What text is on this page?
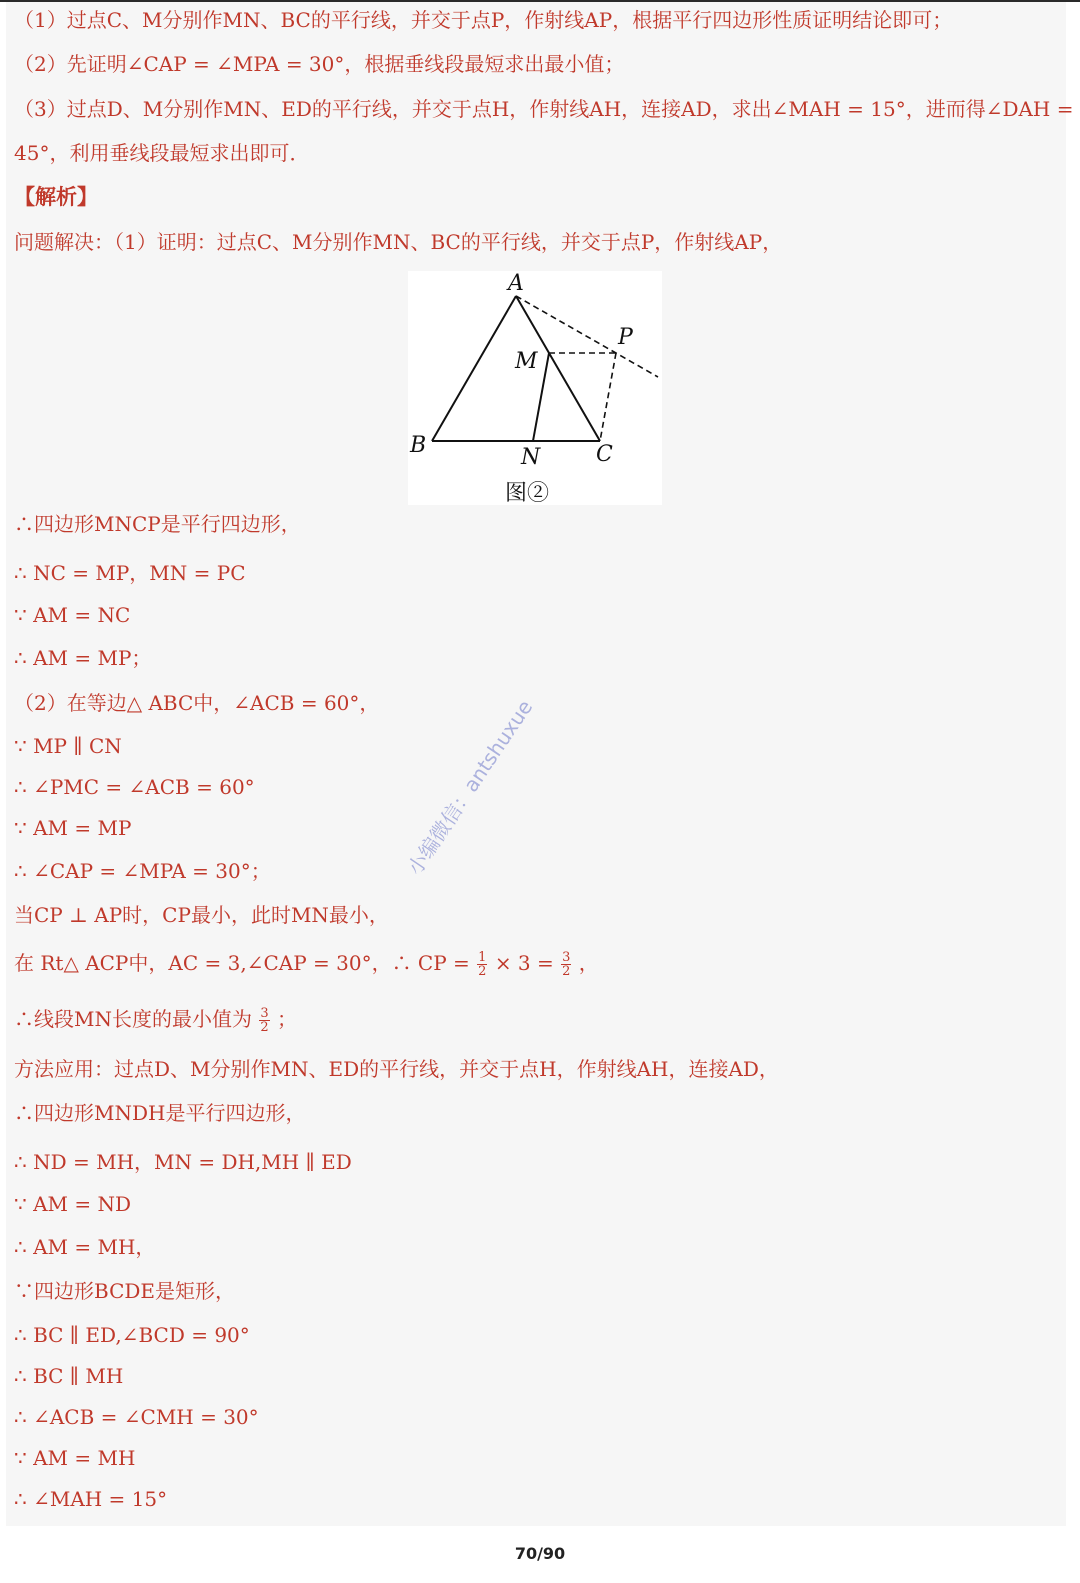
（1）过点C、M分别作MN、BC的平行线，并交于点P，作射线AP，根据平行四边形性质证明结论即可；
（2）先证明∠CAP = ∠MPA = 30°，根据垂线段最短求出最小值；
（3）过点D、M分别作MN、ED的平行线，并交于点H，作射线AH，连接AD，求出∠MAH = 15°，进而得∠DAH =
45°，利用垂线段最短求出即可．
【解析】
问题解决：（1）证明：过点C、M分别作MN、BC的平行线，并交于点P，作射线AP，
∴四边形MNCP是平行四边形，
∴ NC = MP，MN = PC
∵ AM = NC
∴ AM = MP；
（2）在等边△ ABC中，∠ACB = 60°，
∵ MP ∥ CN
∴ ∠PMC = ∠ACB = 60°
∵ AM = MP
∴ ∠CAP = ∠MPA = 30°；
当CP ⊥ AP时，CP最小，此时MN最小，
在 Rt△ ACP中，AC = 3,∠CAP = 30°，∴ CP = $\frac{1}{2} \times 3 = \frac{3}{2}$ ，
∴线段MN长度的最小值为 $\frac{3}{2}$ ；
方法应用：过点D、M分别作MN、ED的平行线，并交于点H，作射线AH，连接AD，
∴四边形MNDH是平行四边形，
∴ ND = MH，MN = DH,MH ∥ ED
∵ AM = ND
∴ AM = MH，
∵四边形BCDE是矩形，
∴ BC ∥ ED,∠BCD = 90°
∴ BC ∥ MH
∴ ∠ACB = ∠CMH = 30°
∵ AM = MH
∴ ∠MAH = 15°
小编微信：antshuxue
A
B	C
M
N
P
图②
70/90
